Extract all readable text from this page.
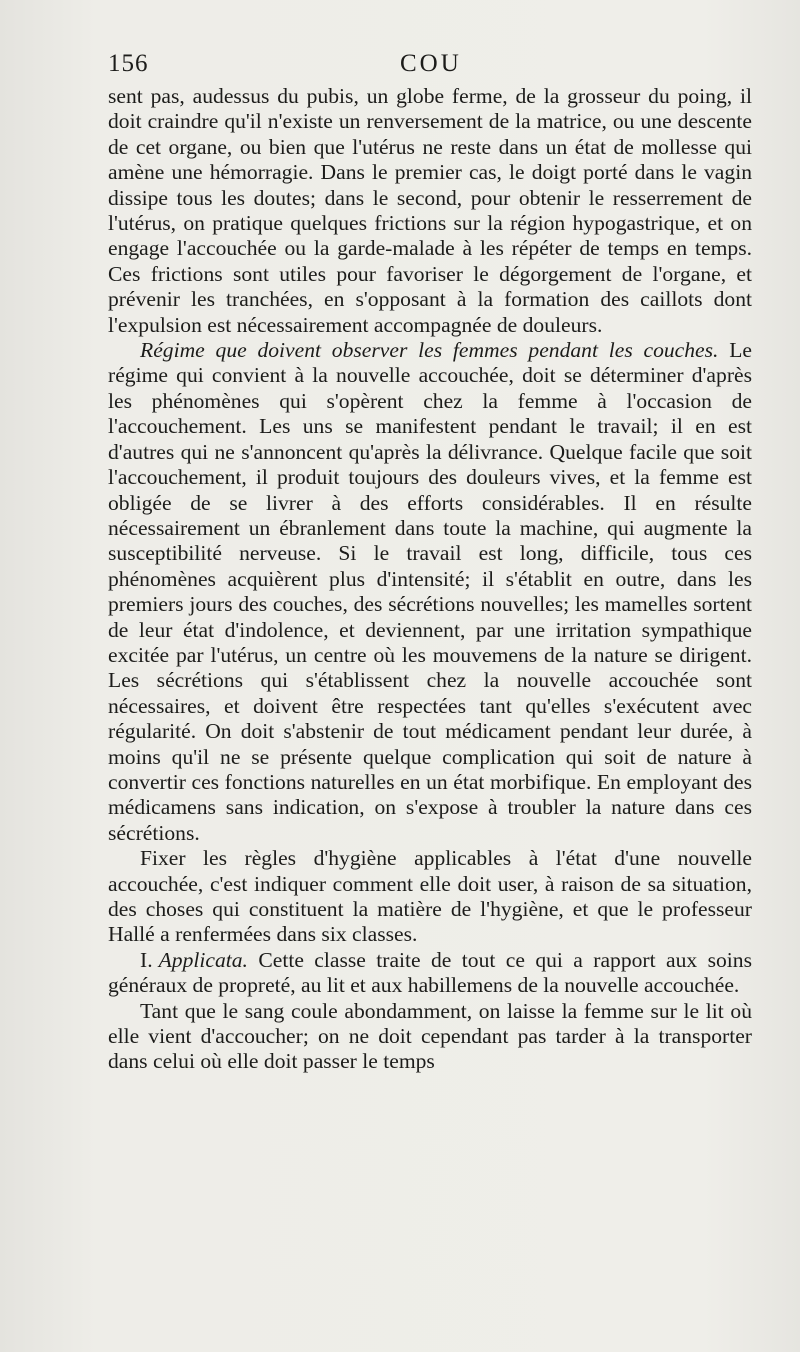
156	COU

sent pas, audessus du pubis, un globe ferme, de la grosseur du poing, il doit craindre qu'il n'existe un renversement de la matrice, ou une descente de cet organe, ou bien que l'utérus ne reste dans un état de mollesse qui amène une hémorragie. Dans le premier cas, le doigt porté dans le vagin dissipe tous les doutes; dans le second, pour obtenir le resserrement de l'utérus, on pratique quelques frictions sur la région hypogastrique, et on engage l'accouchée ou la garde-malade à les répéter de temps en temps. Ces frictions sont utiles pour favoriser le dégorgement de l'organe, et prévenir les tranchées, en s'opposant à la formation des caillots dont l'expulsion est nécessairement accompagnée de douleurs.

Régime que doivent observer les femmes pendant les couches. Le régime qui convient à la nouvelle accouchée, doit se déterminer d'après les phénomènes qui s'opèrent chez la femme à l'occasion de l'accouchement. Les uns se manifestent pendant le travail; il en est d'autres qui ne s'annoncent qu'après la délivrance. Quelque facile que soit l'accouchement, il produit toujours des douleurs vives, et la femme est obligée de se livrer à des efforts considérables. Il en résulte nécessairement un ébranlement dans toute la machine, qui augmente la susceptibilité nerveuse. Si le travail est long, difficile, tous ces phénomènes acquièrent plus d'intensité; il s'établit en outre, dans les premiers jours des couches, des sécrétions nouvelles; les mamelles sortent de leur état d'indolence, et deviennent, par une irritation sympathique excitée par l'utérus, un centre où les mouvemens de la nature se dirigent. Les sécrétions qui s'établissent chez la nouvelle accouchée sont nécessaires, et doivent être respectées tant qu'elles s'exécutent avec régularité. On doit s'abstenir de tout médicament pendant leur durée, à moins qu'il ne se présente quelque complication qui soit de nature à convertir ces fonctions naturelles en un état morbifique. En employant des médicamens sans indication, on s'expose à troubler la nature dans ces sécrétions.

Fixer les règles d'hygiène applicables à l'état d'une nouvelle accouchée, c'est indiquer comment elle doit user, à raison de sa situation, des choses qui constituent la matière de l'hygiène, et que le professeur Hallé a renfermées dans six classes.

I. Applicata. Cette classe traite de tout ce qui a rapport aux soins généraux de propreté, au lit et aux habillemens de la nouvelle accouchée.

Tant que le sang coule abondamment, on laisse la femme sur le lit où elle vient d'accoucher; on ne doit cependant pas tarder à la transporter dans celui où elle doit passer le temps
